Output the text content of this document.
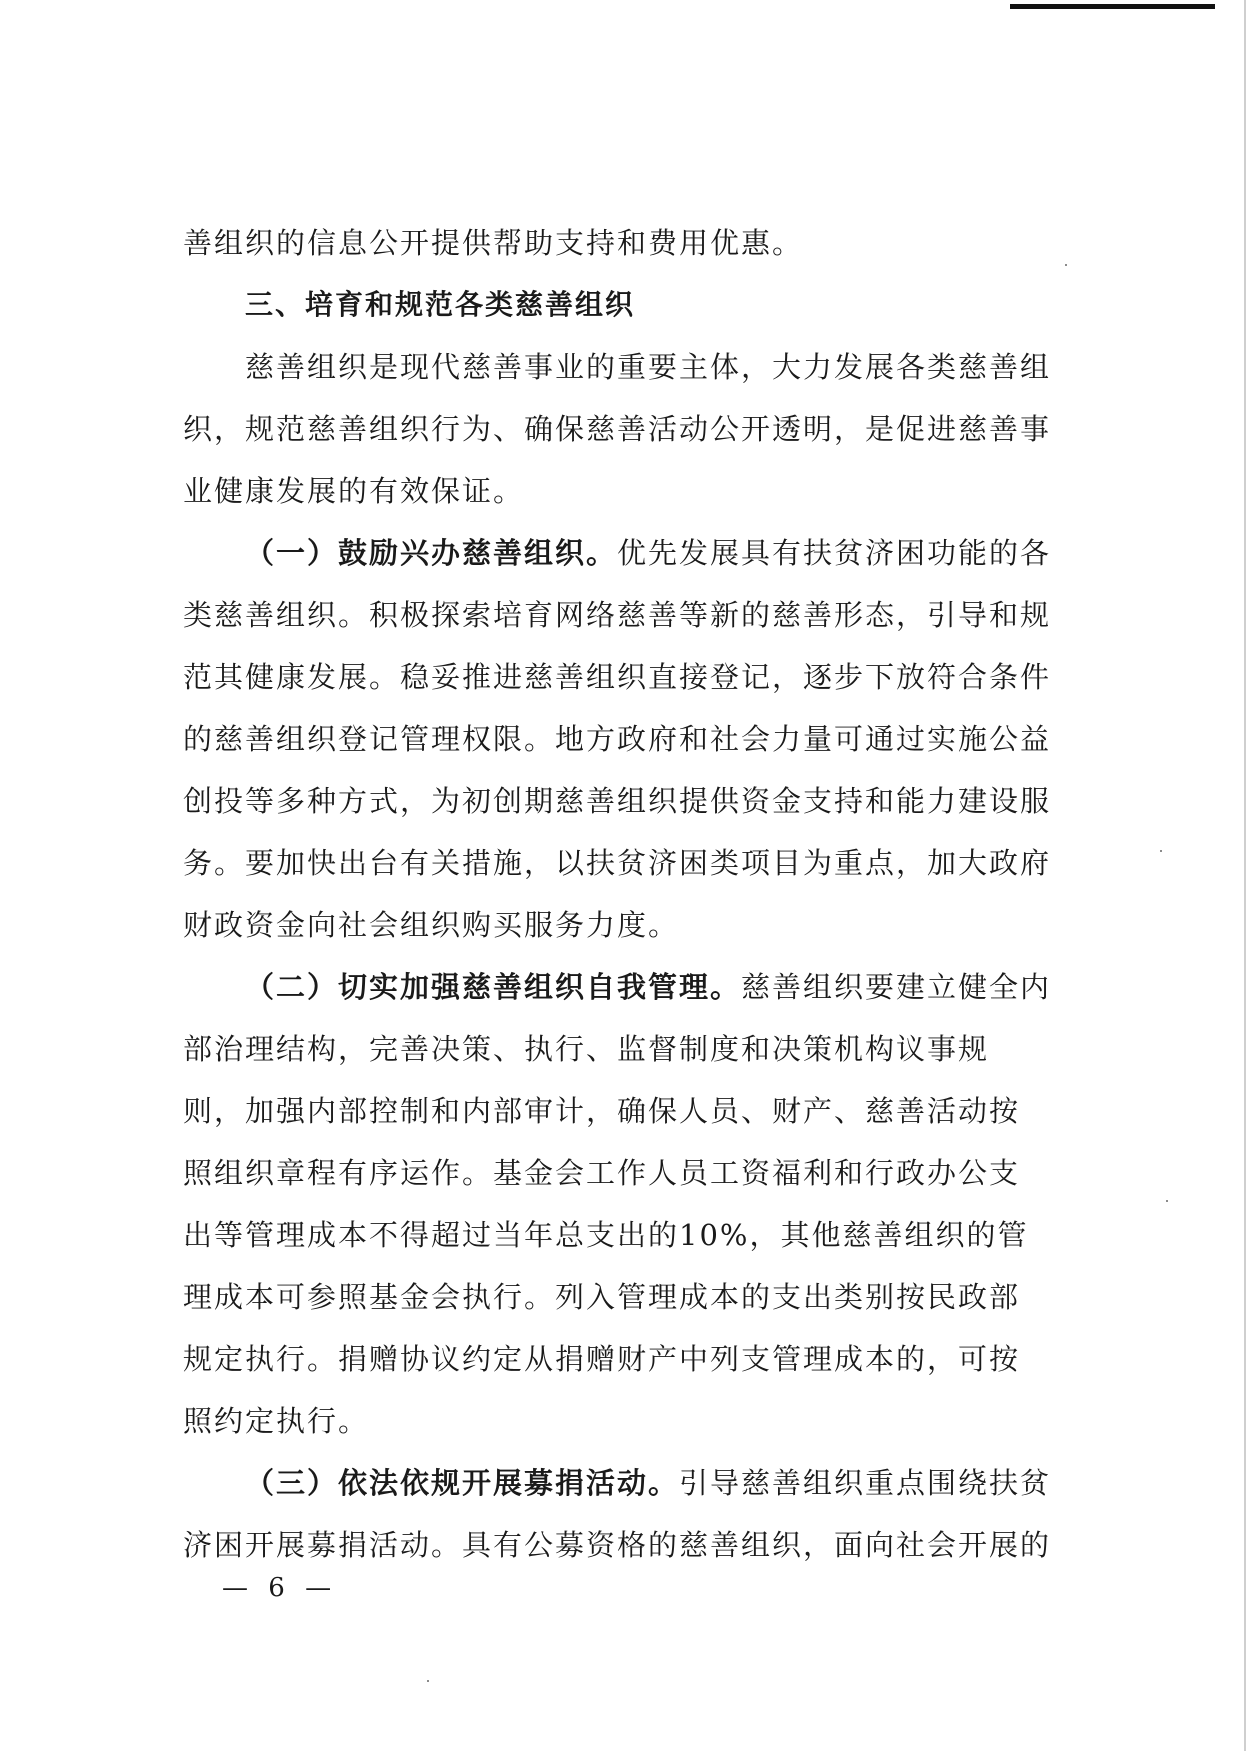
善组织的信息公开提供帮助支持和费用优惠。
三、培育和规范各类慈善组织
慈善组织是现代慈善事业的重要主体，大力发展各类慈善组
织，规范慈善组织行为、确保慈善活动公开透明，是促进慈善事
业健康发展的有效保证。
（一）鼓励兴办慈善组织。优先发展具有扶贫济困功能的各
类慈善组织。积极探索培育网络慈善等新的慈善形态，引导和规
范其健康发展。稳妥推进慈善组织直接登记，逐步下放符合条件
的慈善组织登记管理权限。地方政府和社会力量可通过实施公益
创投等多种方式，为初创期慈善组织提供资金支持和能力建设服
务。要加快出台有关措施，以扶贫济困类项目为重点，加大政府
财政资金向社会组织购买服务力度。
（二）切实加强慈善组织自我管理。慈善组织要建立健全内
部治理结构，完善决策、执行、监督制度和决策机构议事规
则，加强内部控制和内部审计，确保人员、财产、慈善活动按
照组织章程有序运作。基金会工作人员工资福利和行政办公支
出等管理成本不得超过当年总支出的10%，其他慈善组织的管
理成本可参照基金会执行。列入管理成本的支出类别按民政部
规定执行。捐赠协议约定从捐赠财产中列支管理成本的，可按
照约定执行。
（三）依法依规开展募捐活动。引导慈善组织重点围绕扶贫
济困开展募捐活动。具有公募资格的慈善组织，面向社会开展的
— 6 —
